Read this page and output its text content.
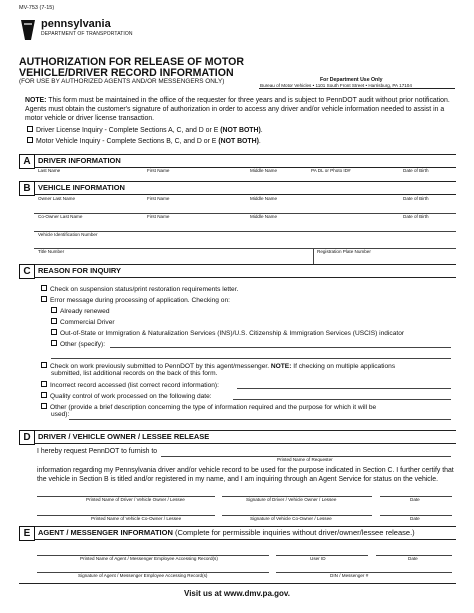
MV-753 (7-15)
pennsylvania
DEPARTMENT OF TRANSPORTATION
AUTHORIZATION FOR RELEASE OF MOTOR
VEHICLE/DRIVER RECORD INFORMATION
(FOR USE BY AUTHORIZED AGENTS AND/OR MESSENGERS ONLY)	For Department Use Only
Bureau of Motor Vehicles • 1101 South Front Street • Harrisburg, PA 17104
NOTE: This form must be maintained in the office of the requester for three years and is subject to PennDOT audit without prior notification. Agents must obtain the customer's signature of authorization in order to access any driver and/or vehicle information needed to assist in a motor vehicle or driver license transaction.
Driver License Inquiry - Complete Sections A, C, and D or E (NOT BOTH).
Motor Vehicle Inquiry - Complete Sections B, C, and D or E (NOT BOTH).
A DRIVER INFORMATION
Last Name	First Name	Middle Name	PA DL or Photo ID#	Date of Birth
B VEHICLE INFORMATION
Owner Last Name	First Name	Middle Name	Date of Birth
Co-Owner Last Name	First Name	Middle Name	Date of Birth
Vehicle Identification Number
Title Number	Registration Plate Number
C REASON FOR INQUIRY
Check on suspension status/print restoration requirements letter.
Error message during processing of application. Checking on:
Already renewed
Commercial Driver
Out-of-State or Immigration & Naturalization Services (INS)/U.S. Citizenship & Immigration Services (USCIS) indicator
Other (specify):
Check on work previously submitted to PennDOT by this agent/messenger. NOTE: If checking on multiple applications
submitted, list additional records on the back of this form.
Incorrect record accessed (list correct record information):
Quality control of work processed on the following date:
Other (provide a brief description concerning the type of information required and the purpose for which it will be
used):
D DRIVER / VEHICLE OWNER / LESSEE RELEASE
I hereby request PennDOT to furnish to
Printed Name of Requester
information regarding my Pennsylvania driver and/or vehicle record to be used for the purpose indicated in Section C. I further certify that the vehicle in Section B is titled and/or registered in my name, and I am inquiring through an Agent Service for status on the vehicle.
Printed Name of Driver / Vehicle Owner / Lessee	Signature of Driver / Vehicle Owner / Lessee	Date
Printed Name of Vehicle Co-Owner / Lessee	Signature of Vehicle Co-Owner / Lessee	Date
E	AGENT / MESSENGER INFORMATION (Complete for permissible inquiries without driver/owner/lessee release.)
Printed Name of Agent / Messenger Employee Accessing Record(s)	User ID	Date
Signature of Agent / Messenger Employee Accessing Record(s)	DIN / Messenger #
Visit us at www.dmv.pa.gov.
